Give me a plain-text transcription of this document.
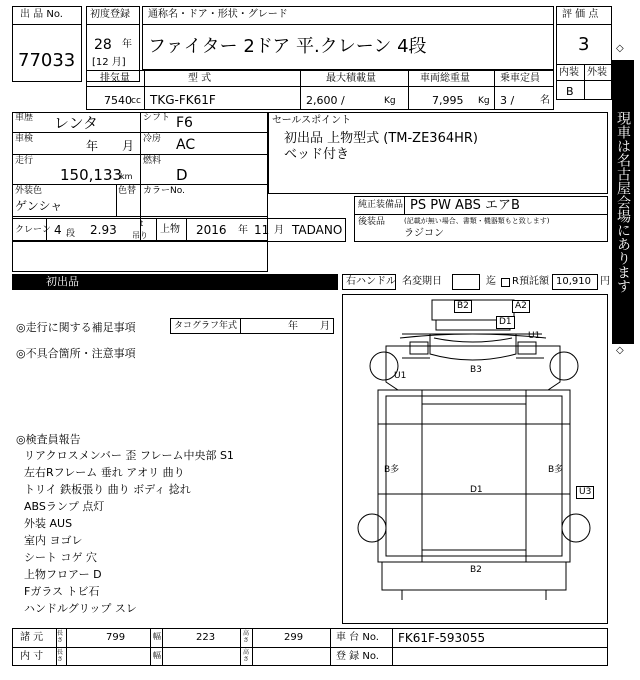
出 品 No.
77033
初度登録
28 年
[12 月]
通称名・ドア・形状・グレード
ファイター 2ドア 平.クレーン 4段
評 価 点
3
内装 外装
B
排気量	型 式	最大積載量	車両総重量	乗車定員
7540 cc TKG-FK61F	2,600 /	Kg	7,995 Kg 3 /	名
車歴 レンタ	シフト F6
車検	年 月 冷房 AC
走行
150,133
km
燃料
D
外装色
ゲンシャ
色替 カラーNo.
クレーン 4 段 2.93	t
吊り
上物 2016 年 11 月 TADANO
セールスポイント
初出品 上物型式 (TM-ZE364HR)
ベッド付き
純正装備品 PS PW ABS エアB
後装品	(記載が無い場合、書類・機器類もと致します)
ラジコン
初出品	右ハンドル 名変期日	迄 R預託額 10,910 円
◎走行に関する補足事項	タコグラフ年式	年 月
◎不具合箇所・注意事項
◎検査員報告
リアクロスメンバー 歪 フレーム中央部 S1
左右Rフレーム 垂れ アオリ 曲り
トリイ 鉄板張り 曲り ボディ 捻れ
ABSランプ 点灯
外装 AUS
室内 ヨゴレ
シート コゲ 穴
上物フロアー D
Fガラス トビ石
ハンドルグリップ スレ
B2	A2
D1
U1
U1
B3
B多	B多
D1	U3
B2
現車は名古屋会場にあります
◇
◇
諸 元 長さ	799	幅	223	高さ	299	車 台 No. FK61F-593055
内 寸 長さ	幅	高さ	登 録 No.
